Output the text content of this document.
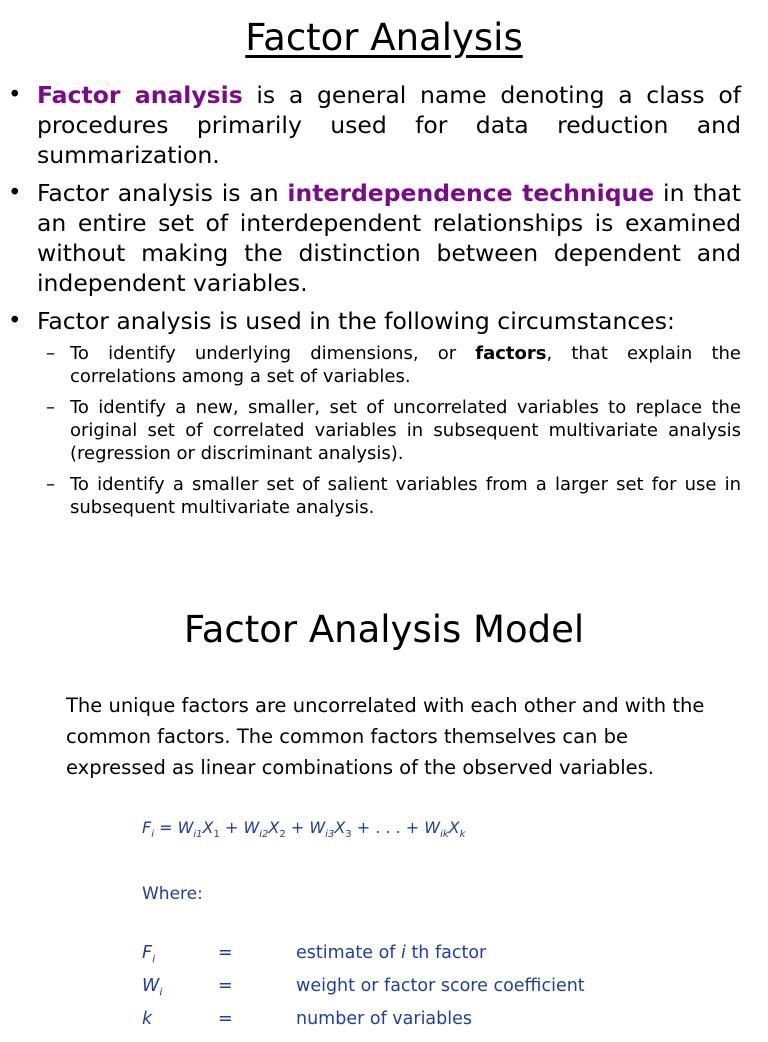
Factor Analysis
• Factor analysis is a general name denoting a class of procedures primarily used for data reduction and summarization.
• Factor analysis is an interdependence technique in that an entire set of interdependent relationships is examined without making the distinction between dependent and independent variables.
• Factor analysis is used in the following circumstances:
– To identify underlying dimensions, or factors, that explain the correlations among a set of variables.
– To identify a new, smaller, set of uncorrelated variables to replace the original set of correlated variables in subsequent multivariate analysis (regression or discriminant analysis).
– To identify a smaller set of salient variables from a larger set for use in subsequent multivariate analysis.
Factor Analysis Model
The unique factors are uncorrelated with each other and with the common factors. The common factors themselves can be expressed as linear combinations of the observed variables.
$F_i = W_{i1}X_1 + W_{i2}X_2 + W_{i3}X_3$ + . . . + $W_{ik}X_k$
Where:
$F_i$	=	estimate of i th factor
$W_i$	=	weight or factor score coefficient
k	=	number of variables
